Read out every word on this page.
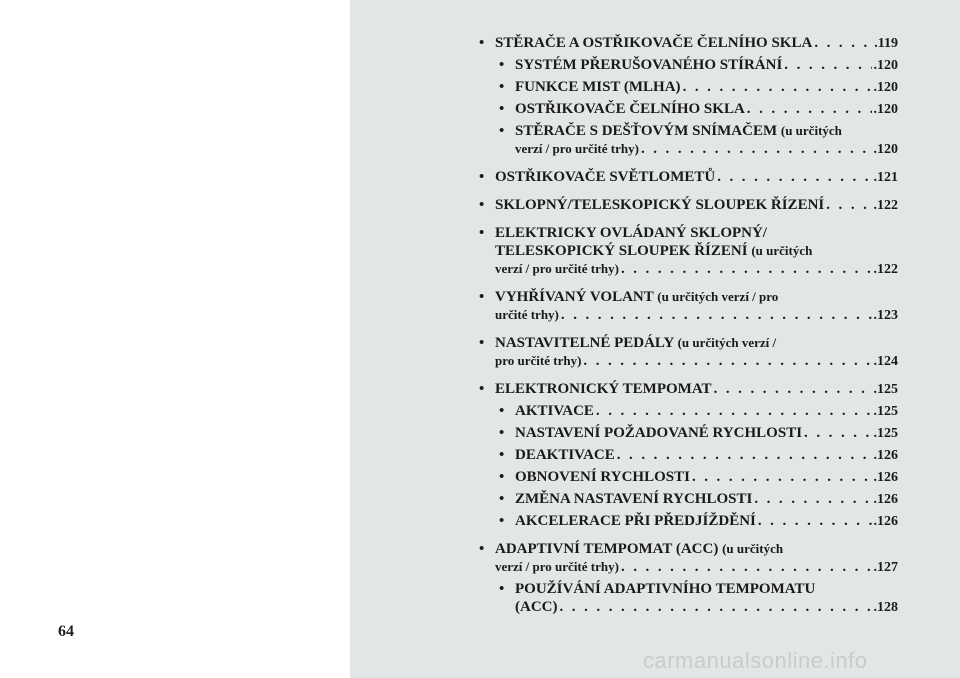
64
• STĚRAČE A OSTŘIKOVAČE ČELNÍHO SKLA . . .	.119
• SYSTÉM PŘERUŠOVANÉHO STÍRÁNÍ . . .	.120
• FUNKCE MIST (MLHA) . . .	.120
• OSTŘIKOVAČE ČELNÍHO SKLA . . .	.120
• STĚRAČE S DEŠŤOVÝM SNÍMAČEM (u určitých
verzí / pro určité trhy) . . .	.120
• OSTŘIKOVAČE SVĚTLOMETŮ . . .	.121
• SKLOPNÝ/TELESKOPICKÝ SLOUPEK ŘÍZENÍ . . .	.122
• ELEKTRICKY OVLÁDANÝ SKLOPNÝ/
TELESKOPICKÝ SLOUPEK ŘÍZENÍ (u určitých
verzí / pro určité trhy) . . .	.122
• VYHŘÍVANÝ VOLANT (u určitých verzí / pro
určité trhy) . . .	.123
• NASTAVITELNÉ PEDÁLY (u určitých verzí /
pro určité trhy) . . .	.124
• ELEKTRONICKÝ TEMPOMAT . . .	.125
• AKTIVACE . . .	.125
• NASTAVENÍ POŽADOVANÉ RYCHLOSTI . . .	.125
• DEAKTIVACE . . .	.126
• OBNOVENÍ RYCHLOSTI . . .	.126
• ZMĚNA NASTAVENÍ RYCHLOSTI . . .	.126
• AKCELERACE PŘI PŘEDJÍŽDĚNÍ . . .	.126
• ADAPTIVNÍ TEMPOMAT (ACC) (u určitých
verzí / pro určité trhy) . . .	.127
• POUŽÍVÁNÍ ADAPTIVNÍHO TEMPOMATU
(ACC) . . .	.128
carmanualsonline.info
